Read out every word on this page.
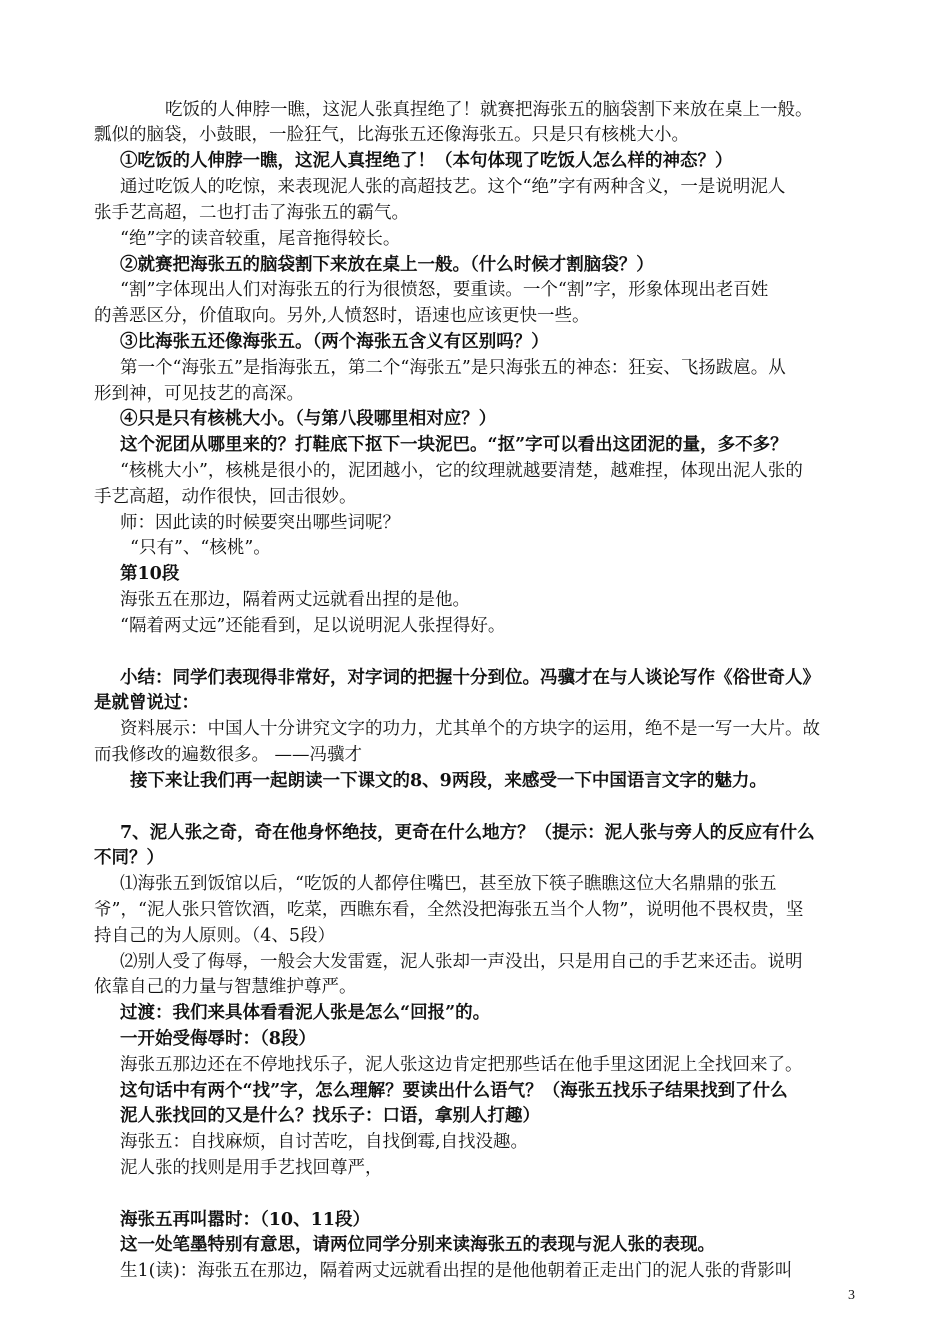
吃饭的人伸脖一瞧，这泥人张真捏绝了！就赛把海张五的脑袋割下来放在桌上一般。
瓢似的脑袋，小鼓眼，一脸狂气，比海张五还像海张五。只是只有核桃大小。
①吃饭的人伸脖一瞧，这泥人真捏绝了！（本句体现了吃饭人怎么样的神态？）
通过吃饭人的吃惊，来表现泥人张的高超技艺。这个“绝”字有两种含义，一是说明泥人
张手艺高超，二也打击了海张五的霸气。
“绝”字的读音较重，尾音拖得较长。
②就赛把海张五的脑袋割下来放在桌上一般。（什么时候才割脑袋？）
“割”字体现出人们对海张五的行为很愤怒，要重读。一个“割”字，形象体现出老百姓
的善恶区分，价值取向。另外,人愤怒时，语速也应该更快一些。
③比海张五还像海张五。（两个海张五含义有区别吗？）
第一个“海张五”是指海张五，第二个“海张五”是只海张五的神态：狂妄、飞扬跋扈。从
形到神，可见技艺的高深。
④只是只有核桃大小。（与第八段哪里相对应？）
这个泥团从哪里来的？打鞋底下抠下一块泥巴。“抠”字可以看出这团泥的量，多不多？
“核桃大小”，核桃是很小的，泥团越小，它的纹理就越要清楚，越难捏，体现出泥人张的
手艺高超，动作很快，回击很妙。
师：因此读的时候要突出哪些词呢？
“只有”、“核桃”。
第10段
海张五在那边，隔着两丈远就看出捏的是他。
“隔着两丈远”还能看到，足以说明泥人张捏得好。
小结：同学们表现得非常好，对字词的把握十分到位。冯骥才在与人谈论写作《俗世奇人》
是就曾说过：
资料展示：中国人十分讲究文字的功力，尤其单个的方块字的运用，绝不是一写一大片。故
而我修改的遍数很多。 ——冯骥才
接下来让我们再一起朗读一下课文的8、9两段，来感受一下中国语言文字的魅力。
7、泥人张之奇，奇在他身怀绝技，更奇在什么地方？（提示：泥人张与旁人的反应有什么
不同？）
⑴海张五到饭馆以后，“吃饭的人都停住嘴巴，甚至放下筷子瞧瞧这位大名鼎鼎的张五
爷”，“泥人张只管饮酒，吃菜，西瞧东看，全然没把海张五当个人物”，说明他不畏权贵，坚
持自己的为人原则。（4、5段）
⑵别人受了侮辱，一般会大发雷霆，泥人张却一声没出，只是用自己的手艺来还击。说明
依靠自己的力量与智慧维护尊严。
过渡：我们来具体看看泥人张是怎么“回报”的。
一开始受侮辱时：（8段）
海张五那边还在不停地找乐子，泥人张这边肯定把那些话在他手里这团泥上全找回来了。
这句话中有两个“找”字，怎么理解？要读出什么语气？（海张五找乐子结果找到了什么
泥人张找回的又是什么？找乐子：口语，拿别人打趣）
海张五：自找麻烦，自讨苦吃，自找倒霉,自找没趣。
泥人张的找则是用手艺找回尊严，
海张五再叫嚣时：（10、11段）
这一处笔墨特别有意思，请两位同学分别来读海张五的表现与泥人张的表现。
生1(读)：海张五在那边，隔着两丈远就看出捏的是他他朝着正走出门的泥人张的背影叫
3
